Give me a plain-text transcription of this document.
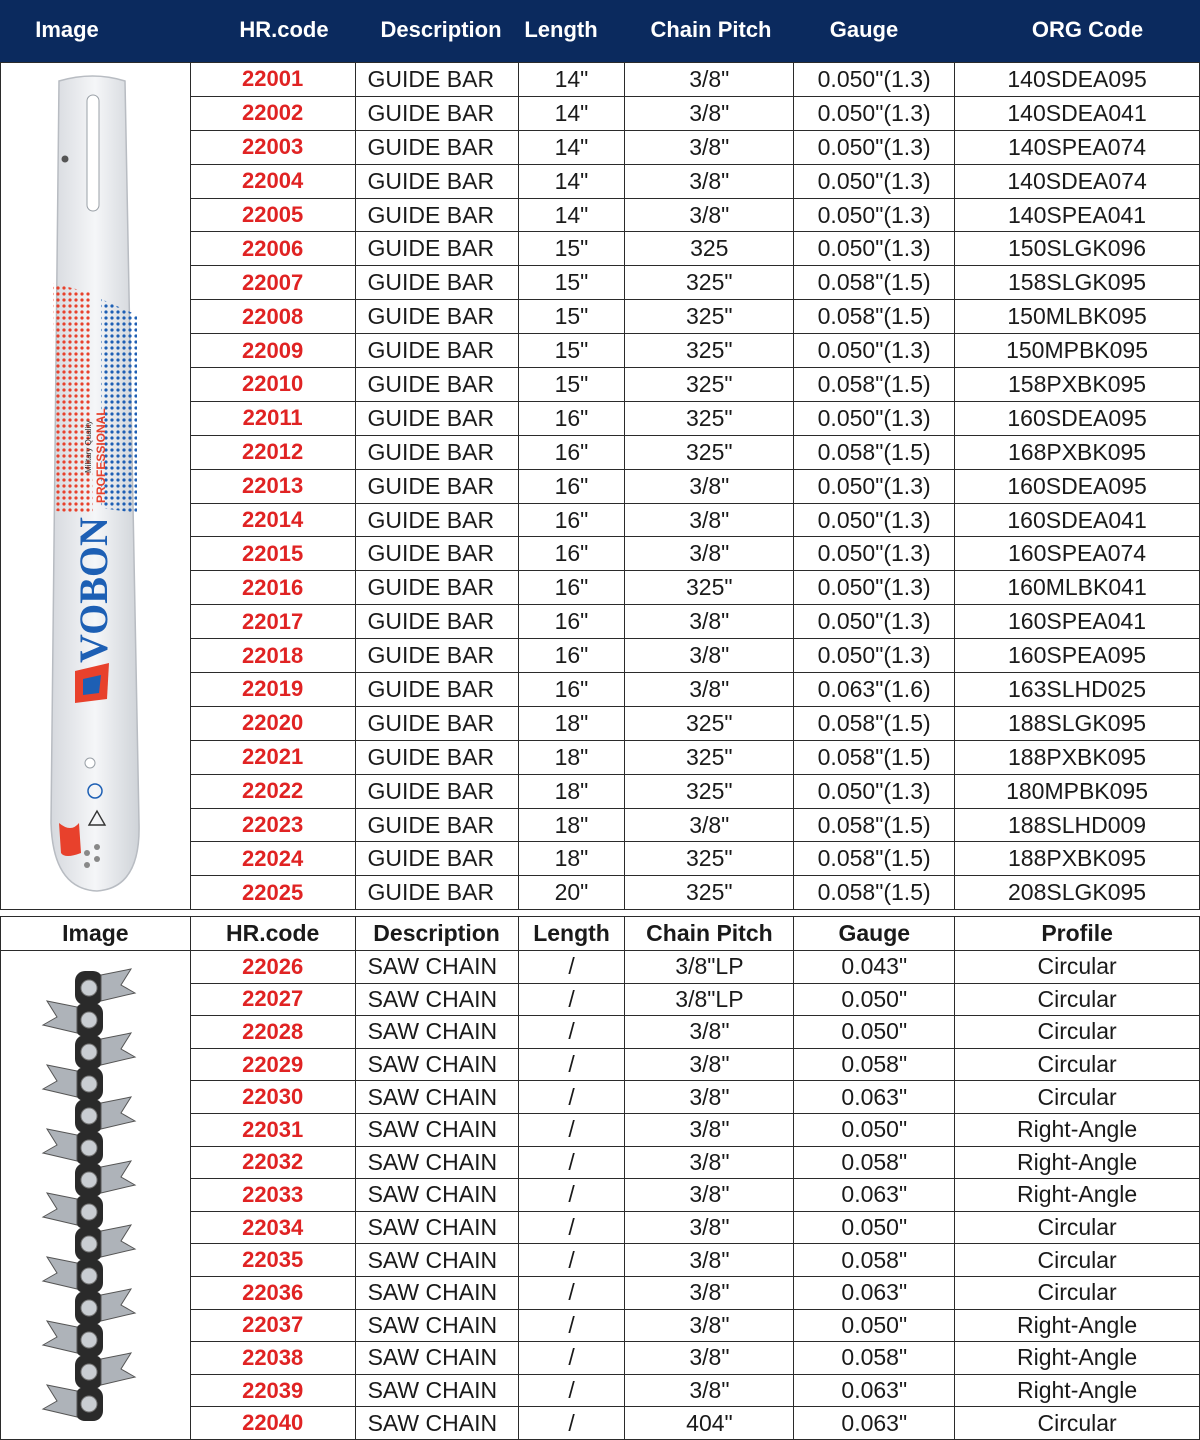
Image	HR.code	Description	Length	Chain Pitch	Gauge	ORG Code
PROFESSIONAL
Military Quality
VOBON	22001	GUIDE BAR	14"	3/8"	0.050"(1.3)	140SDEA095
	22002	GUIDE BAR	14"	3/8"	0.050"(1.3)	140SDEA041
	22003	GUIDE BAR	14"	3/8"	0.050"(1.3)	140SPEA074
	22004	GUIDE BAR	14"	3/8"	0.050"(1.3)	140SDEA074
	22005	GUIDE BAR	14"	3/8"	0.050"(1.3)	140SPEA041
	22006	GUIDE BAR	15"	325	0.050"(1.3)	150SLGK096
	22007	GUIDE BAR	15"	325"	0.058"(1.5)	158SLGK095
	22008	GUIDE BAR	15"	325"	0.058"(1.5)	150MLBK095
	22009	GUIDE BAR	15"	325"	0.050"(1.3)	150MPBK095
	22010	GUIDE BAR	15"	325"	0.058"(1.5)	158PXBK095
	22011	GUIDE BAR	16"	325"	0.050"(1.3)	160SDEA095
	22012	GUIDE BAR	16"	325"	0.058"(1.5)	168PXBK095
	22013	GUIDE BAR	16"	3/8"	0.050"(1.3)	160SDEA095
	22014	GUIDE BAR	16"	3/8"	0.050"(1.3)	160SDEA041
	22015	GUIDE BAR	16"	3/8"	0.050"(1.3)	160SPEA074
	22016	GUIDE BAR	16"	325"	0.050"(1.3)	160MLBK041
	22017	GUIDE BAR	16"	3/8"	0.050"(1.3)	160SPEA041
	22018	GUIDE BAR	16"	3/8"	0.050"(1.3)	160SPEA095
	22019	GUIDE BAR	16"	3/8"	0.063"(1.6)	163SLHD025
	22020	GUIDE BAR	18"	325"	0.058"(1.5)	188SLGK095
	22021	GUIDE BAR	18"	325"	0.058"(1.5)	188PXBK095
	22022	GUIDE BAR	18"	325"	0.050"(1.3)	180MPBK095
	22023	GUIDE BAR	18"	3/8"	0.058"(1.5)	188SLHD009
	22024	GUIDE BAR	18"	325"	0.058"(1.5)	188PXBK095
	22025	GUIDE BAR	20"	325"	0.058"(1.5)	208SLGK095
Image	HR.code	Description	Length	Chain Pitch	Gauge	Profile

	22026	SAW CHAIN	/	3/8"LP	0.043"	Circular
	22027	SAW CHAIN	/	3/8"LP	0.050"	Circular
	22028	SAW CHAIN	/	3/8"	0.050"	Circular
	22029	SAW CHAIN	/	3/8"	0.058"	Circular
	22030	SAW CHAIN	/	3/8"	0.063"	Circular
	22031	SAW CHAIN	/	3/8"	0.050"	Right-Angle
	22032	SAW CHAIN	/	3/8"	0.058"	Right-Angle
	22033	SAW CHAIN	/	3/8"	0.063"	Right-Angle
	22034	SAW CHAIN	/	3/8"	0.050"	Circular
	22035	SAW CHAIN	/	3/8"	0.058"	Circular
	22036	SAW CHAIN	/	3/8"	0.063"	Circular
	22037	SAW CHAIN	/	3/8"	0.050"	Right-Angle
	22038	SAW CHAIN	/	3/8"	0.058"	Right-Angle
	22039	SAW CHAIN	/	3/8"	0.063"	Right-Angle
	22040	SAW CHAIN	/	404"	0.063"	Circular
